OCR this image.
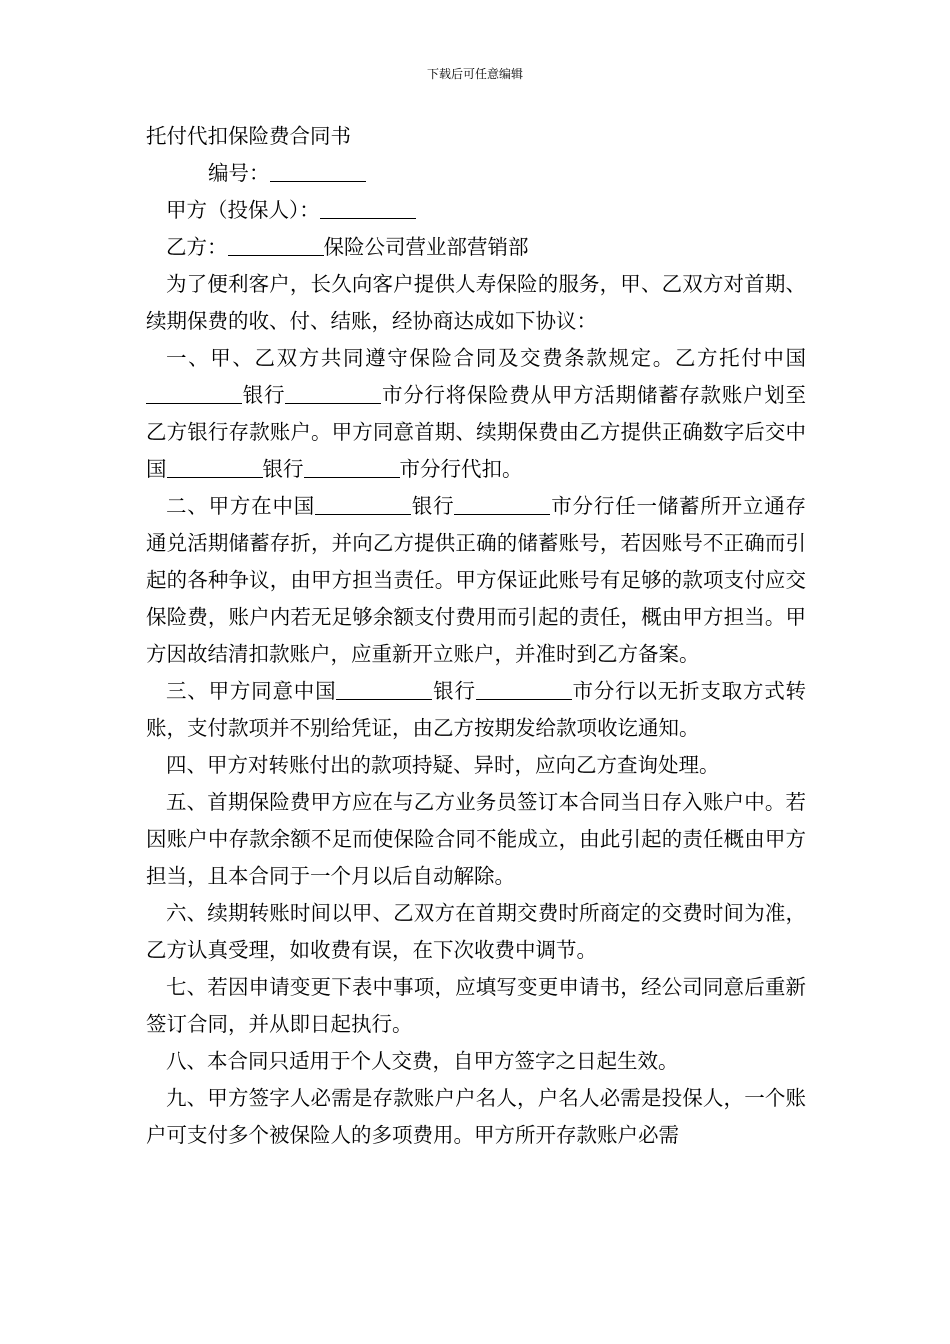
下载后可任意编辑

托付代扣保险费合同书

编号：

甲方（投保人）：

乙方：	保险公司营业部营销部

为了便利客户，长久向客户提供人寿保险的服务，甲、乙双方对首期、续期保费的收、付、结账，经协商达成如下协议：

一、甲、乙双方共同遵守保险合同及交费条款规定。乙方托付中国银行	市分行将保险费从甲方活期储蓄存款账户划至乙方银行存款账户。甲方同意首期、续期保费由乙方提供正确数字后交中国	银行	市分行代扣。

二、甲方在中国	银行	市分行任一储蓄所开立通存通兑活期储蓄存折，并向乙方提供正确的储蓄账号，若因账号不正确而引起的各种争议，由甲方担当责任。甲方保证此账号有足够的款项支付应交保险费，账户内若无足够余额支付费用而引起的责任，概由甲方担当。甲方因故结清扣款账户，应重新开立账户，并准时到乙方备案。

三、甲方同意中国	银行	市分行以无折支取方式转账，支付款项并不别给凭证，由乙方按期发给款项收讫通知。

四、甲方对转账付出的款项持疑、异时，应向乙方查询处理。

五、首期保险费甲方应在与乙方业务员签订本合同当日存入账户中。若因账户中存款余额不足而使保险合同不能成立，由此引起的责任概由甲方担当，且本合同于一个月以后自动解除。

六、续期转账时间以甲、乙双方在首期交费时所商定的交费时间为准，乙方认真受理，如收费有误，在下次收费中调节。

七、若因申请变更下表中事项，应填写变更申请书，经公司同意后重新签订合同，并从即日起执行。

八、本合同只适用于个人交费，自甲方签字之日起生效。

九、甲方签字人必需是存款账户户名人，户名人必需是投保人，一个账户可支付多个被保险人的多项费用。甲方所开存款账户必需
